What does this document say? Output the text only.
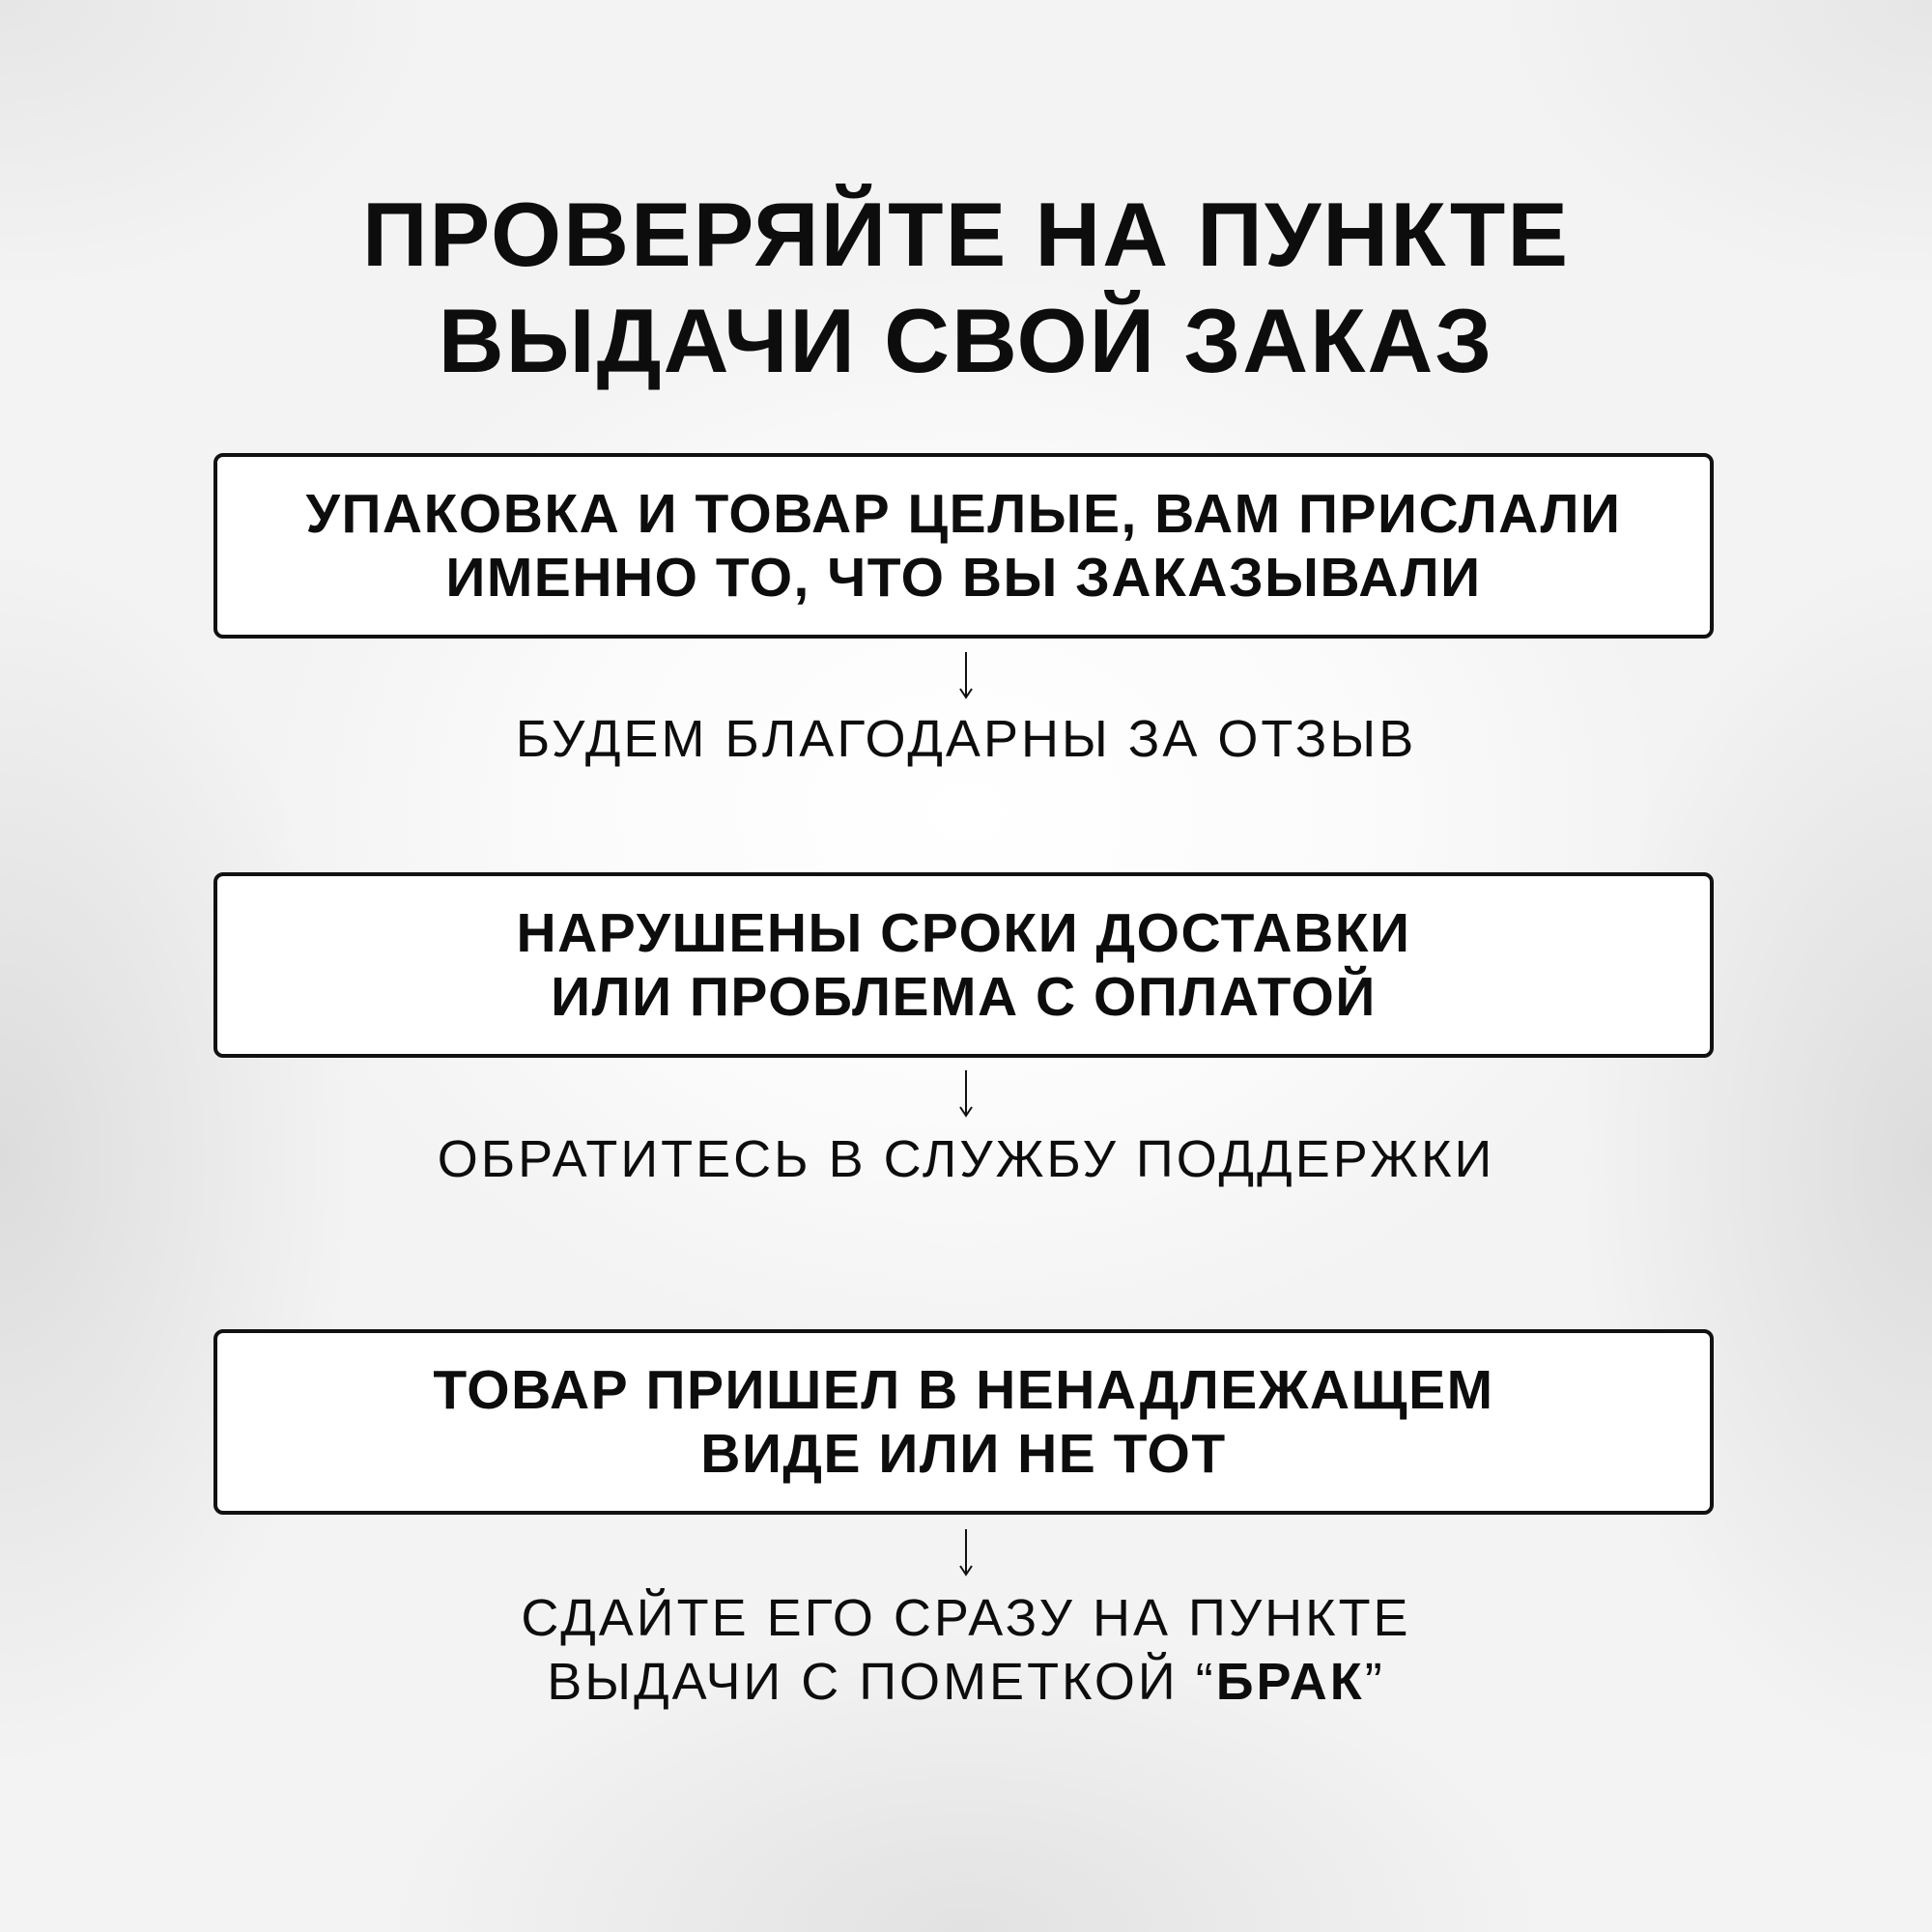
ПРОВЕРЯЙТЕ НА ПУНКТЕ
ВЫДАЧИ СВОЙ ЗАКАЗ
УПАКОВКА И ТОВАР ЦЕЛЫЕ, ВАМ ПРИСЛАЛИ
ИМЕННО ТО, ЧТО ВЫ ЗАКАЗЫВАЛИ
БУДЕМ БЛАГОДАРНЫ ЗА ОТЗЫВ
НАРУШЕНЫ СРОКИ ДОСТАВКИ
ИЛИ ПРОБЛЕМА С ОПЛАТОЙ
ОБРАТИТЕСЬ В СЛУЖБУ ПОДДЕРЖКИ
ТОВАР ПРИШЕЛ В НЕНАДЛЕЖАЩЕМ
ВИДЕ ИЛИ НЕ ТОТ
СДАЙТЕ ЕГО СРАЗУ НА ПУНКТЕ
ВЫДАЧИ С ПОМЕТКОЙ “БРАК”
